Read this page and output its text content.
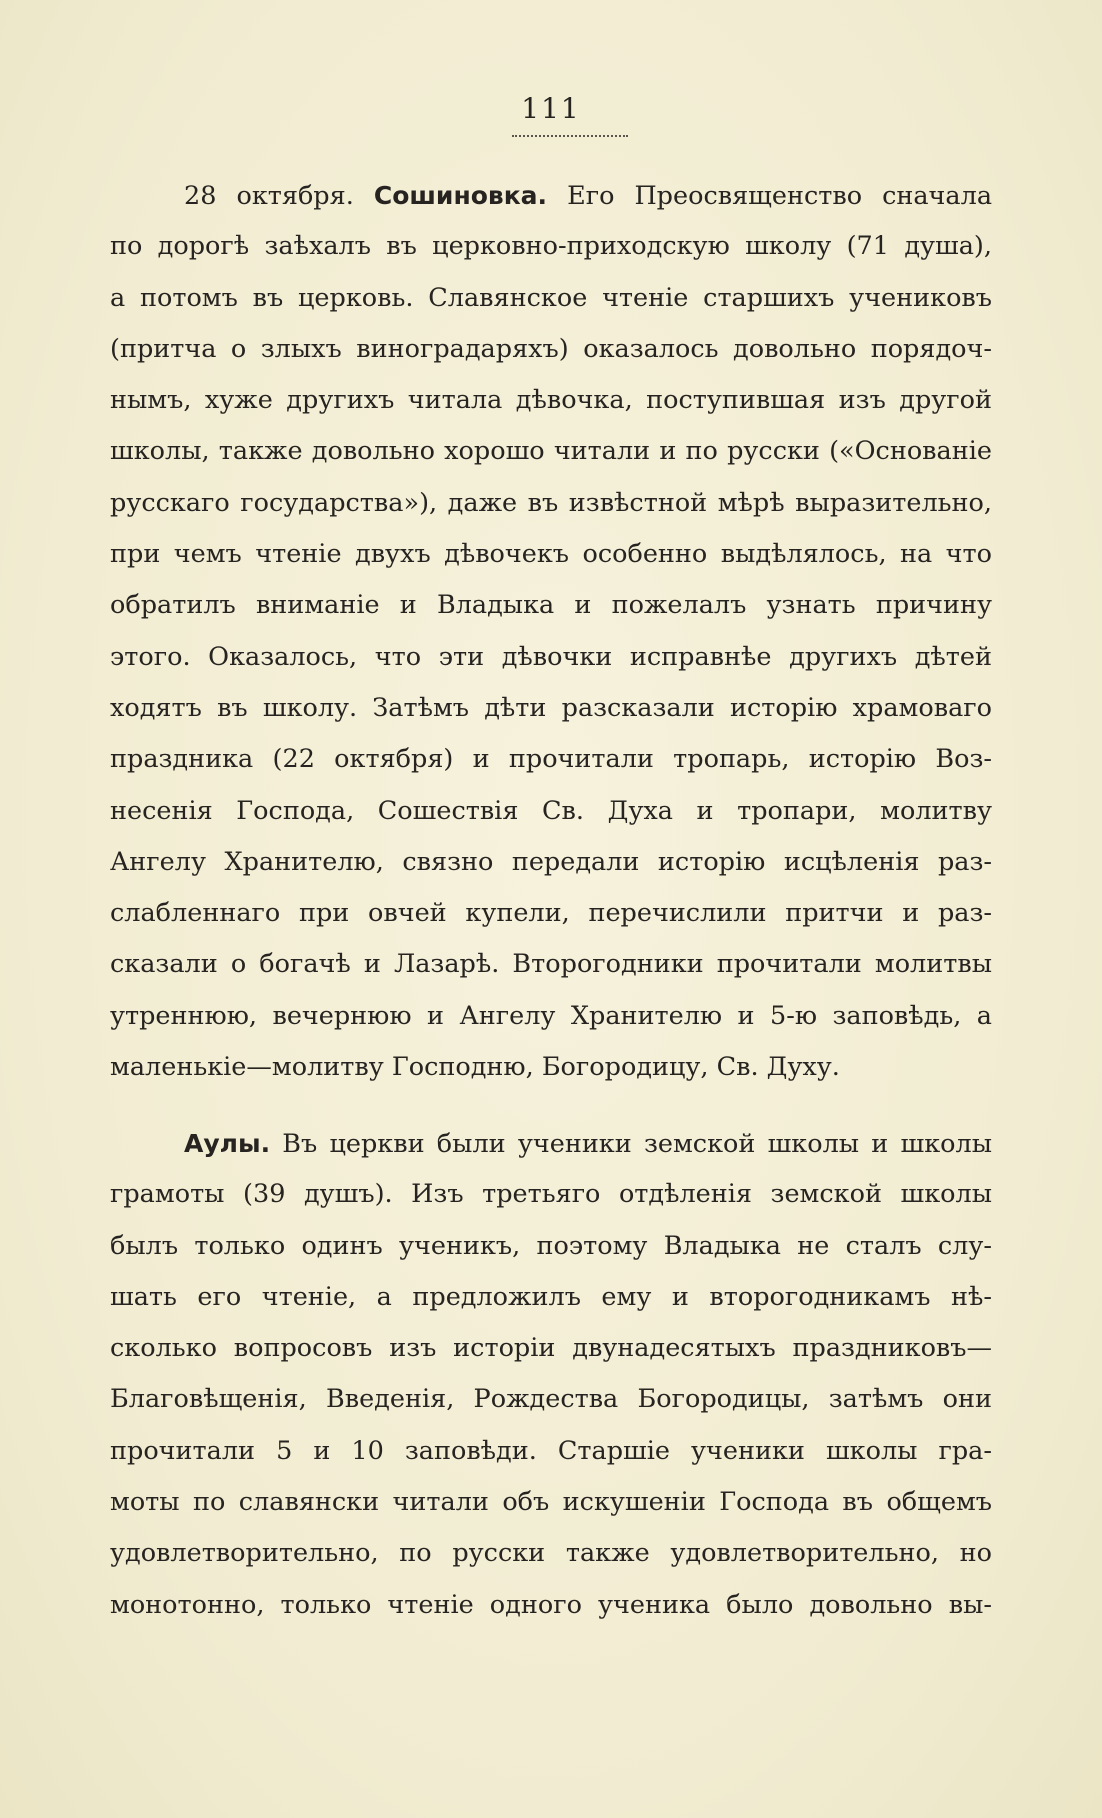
111
28 октября. Сошиновка. Его Преосвященство сначала
по дорогѣ заѣхалъ въ церковно-приходскую школу (71 душа),
а потомъ въ церковь. Славянское чтенiе старшихъ учениковъ
(притча о злыхъ виноградаряхъ) оказалось довольно порядоч-
нымъ, хуже другихъ читала дѣвочка, поступившая изъ другой
школы, также довольно хорошо читали и по русски («Основанiе
русскаго государства»), даже въ извѣстной мѣрѣ выразительно,
при чемъ чтенiе двухъ дѣвочекъ особенно выдѣлялось, на что
обратилъ вниманiе и Владыка и пожелалъ узнать причину
этого. Оказалось, что эти дѣвочки исправнѣе другихъ дѣтей
ходятъ въ школу. Затѣмъ дѣти разсказали исторiю храмоваго
праздника (22 октября) и прочитали тропарь, исторiю Воз-
несенiя Господа, Сошествiя Св. Духа и тропари, молитву
Ангелу Хранителю, связно передали исторiю исцѣленiя раз-
слабленнаго при овчей купели, перечислили притчи и раз-
сказали о богачѣ и Лазарѣ. Второгодники прочитали молитвы
утреннюю, вечернюю и Ангелу Хранителю и 5-ю заповѣдь, а
маленькiе—молитву Господню, Богородицу, Св. Духу.
Аулы. Въ церкви были ученики земской школы и школы
грамоты (39 душъ). Изъ третьяго отдѣленiя земской школы
былъ только одинъ ученикъ, поэтому Владыка не сталъ слу-
шать его чтенiе, а предложилъ ему и второгодникамъ нѣ-
сколько вопросовъ изъ исторiи двунадесятыхъ праздниковъ—
Благовѣщенiя, Введенiя, Рождества Богородицы, затѣмъ они
прочитали 5 и 10 заповѣди. Старшiе ученики школы гра-
моты по славянски читали объ искушенiи Господа въ общемъ
удовлетворительно, по русски также удовлетворительно, но
монотонно, только чтенiе одного ученика было довольно вы-
